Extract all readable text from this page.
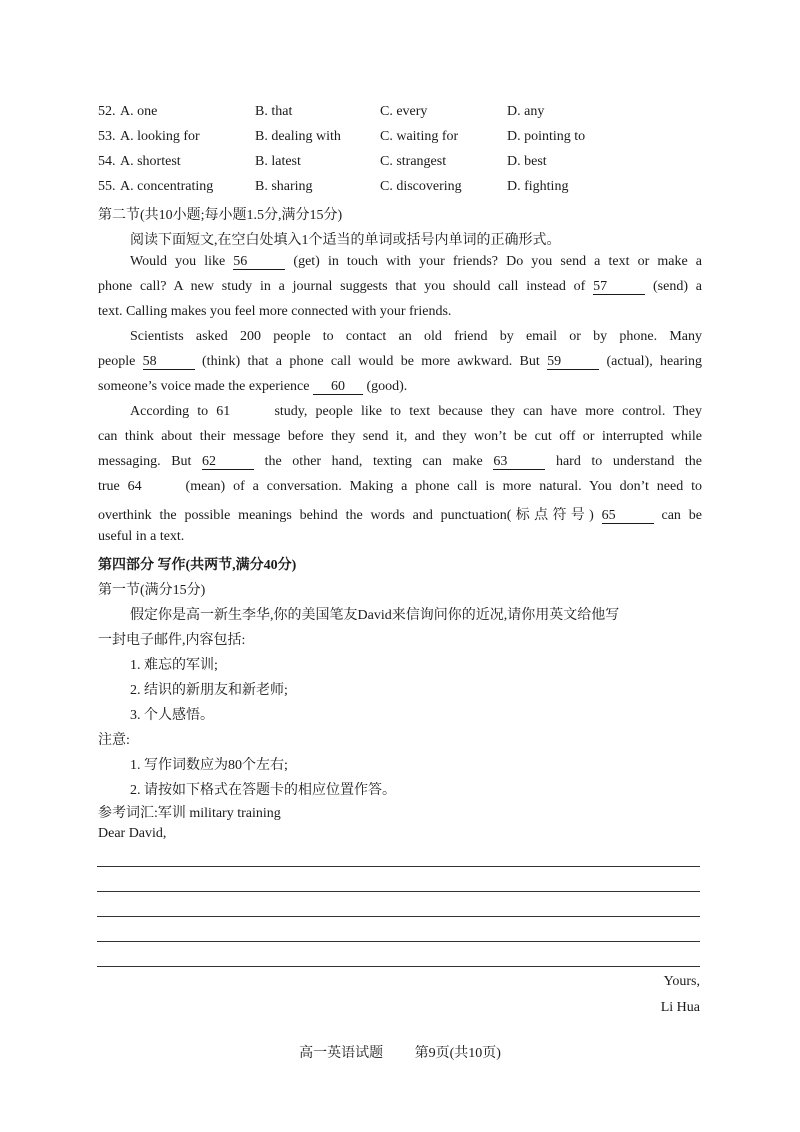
52. A. one	B. that	C. every	D. any
53. A. looking for	B. dealing with	C. waiting for	D. pointing to
54. A. shortest	B. latest	C. strangest	D. best
55. A. concentrating	B. sharing	C. discovering	D. fighting
第二节(共10小题;每小题1.5分,满分15分)
阅读下面短文,在空白处填入1个适当的单词或括号内单词的正确形式。
Would you like 56	(get) in touch with your friends? Do you send a text or make a
phone call? A new study in a journal suggests that you should call instead of 57	(send) a
text. Calling makes you feel more connected with your friends.
Scientists asked 200 people to contact an old friend by email or by phone. Many
people 58	(think) that a phone call would be more awkward. But 59	(actual), hearing
someone’s voice made the experience 60 (good).
According to 61	study, people like to text because they can have more control. They
can think about their message before they send it, and they won’t be cut off or interrupted while
messaging. But 62	the other hand, texting can make 63	hard to understand the
true 64	(mean) of a conversation. Making a phone call is more natural. You don’t need to
overthink the possible meanings behind the words and punctuation(标点符号) 65	can be
useful in a text.
第四部分 写作(共两节,满分40分)
第一节(满分15分)
假定你是高一新生李华,你的美国笔友David来信询问你的近况,请你用英文给他写
一封电子邮件,内容包括:
1. 难忘的军训;
2. 结识的新朋友和新老师;
3. 个人感悟。
注意:
1. 写作词数应为80个左右;
2. 请按如下格式在答题卡的相应位置作答。
参考词汇:军训 military training
Dear David,
Yours,
Li Hua
高一英语试题 第9页(共10页)
